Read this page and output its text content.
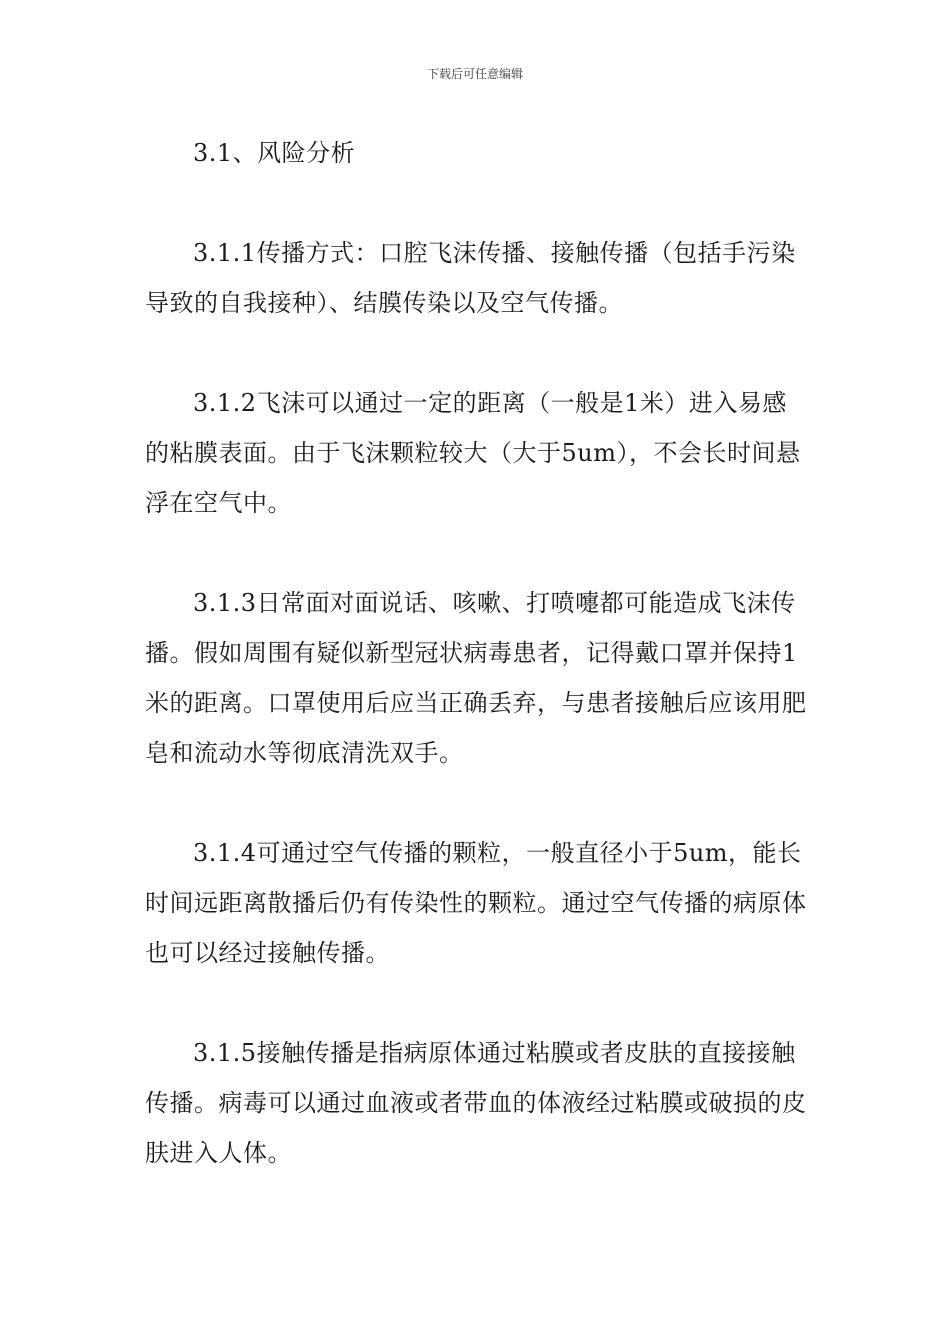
下载后可任意编辑

3.1、风险分析

3.1.1传播方式：口腔飞沫传播、接触传播（包括手污染导致的自我接种）、结膜传染以及空气传播。

3.1.2飞沫可以通过一定的距离（一般是1米）进入易感的粘膜表面。由于飞沫颗粒较大（大于5um），不会长时间悬浮在空气中。

3.1.3日常面对面说话、咳嗽、打喷嚏都可能造成飞沫传播。假如周围有疑似新型冠状病毒患者，记得戴口罩并保持1米的距离。口罩使用后应当正确丢弃，与患者接触后应该用肥皂和流动水等彻底清洗双手。

3.1.4可通过空气传播的颗粒，一般直径小于5um，能长时间远距离散播后仍有传染性的颗粒。通过空气传播的病原体也可以经过接触传播。

3.1.5接触传播是指病原体通过粘膜或者皮肤的直接接触传播。病毒可以通过血液或者带血的体液经过粘膜或破损的皮肤进入人体。
